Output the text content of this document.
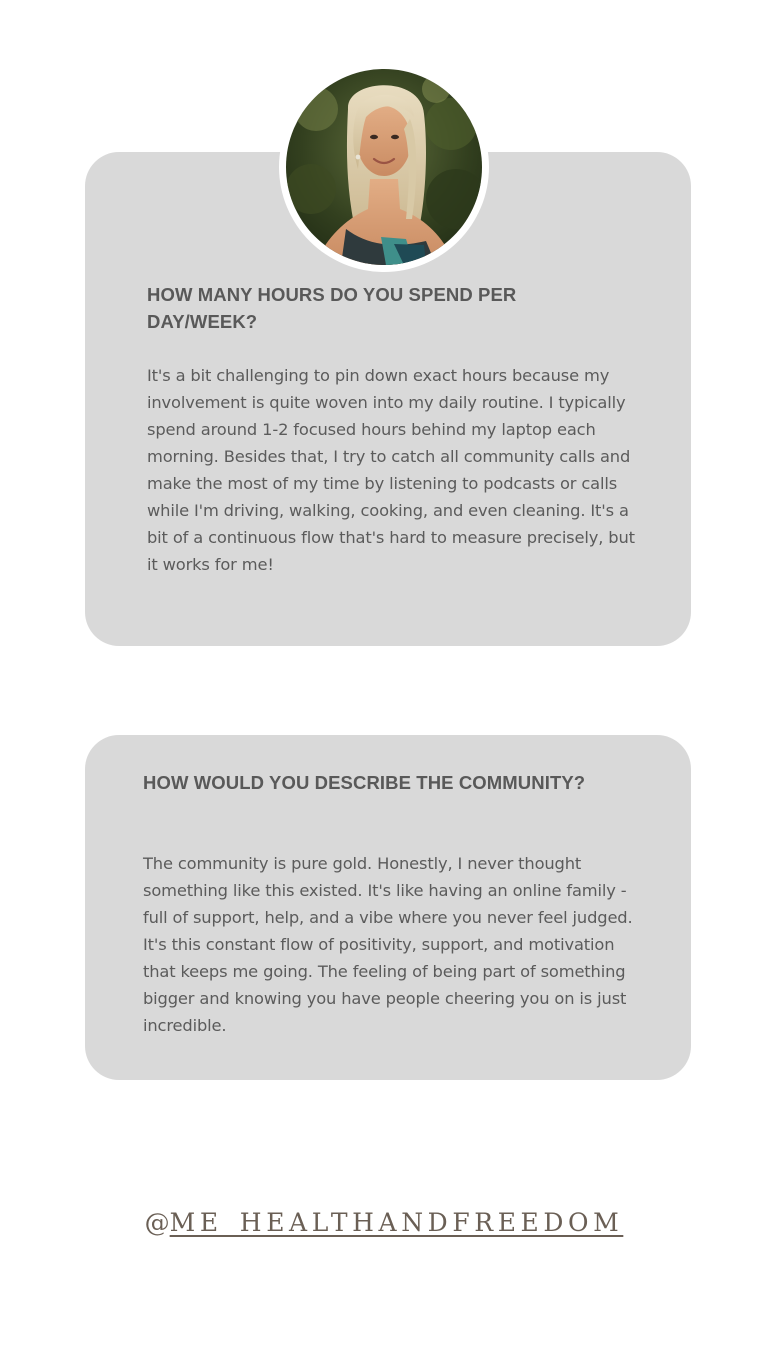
HOW MANY HOURS DO YOU SPEND PER DAY/WEEK?

It's a bit challenging to pin down exact hours because my involvement is quite woven into my daily routine. I typically spend around 1-2 focused hours behind my laptop each morning. Besides that, I try to catch all community calls and make the most of my time by listening to podcasts or calls while I'm driving, walking, cooking, and even cleaning. It's a bit of a continuous flow that's hard to measure precisely, but it works for me!

HOW WOULD YOU DESCRIBE THE COMMUNITY?

The community is pure gold. Honestly, I never thought something like this existed. It's like having an online family - full of support, help, and a vibe where you never feel judged. It's this constant flow of positivity, support, and motivation that keeps me going. The feeling of being part of something bigger and knowing you have people cheering you on is just incredible.

@ME_HEALTHANDFREEDOM
